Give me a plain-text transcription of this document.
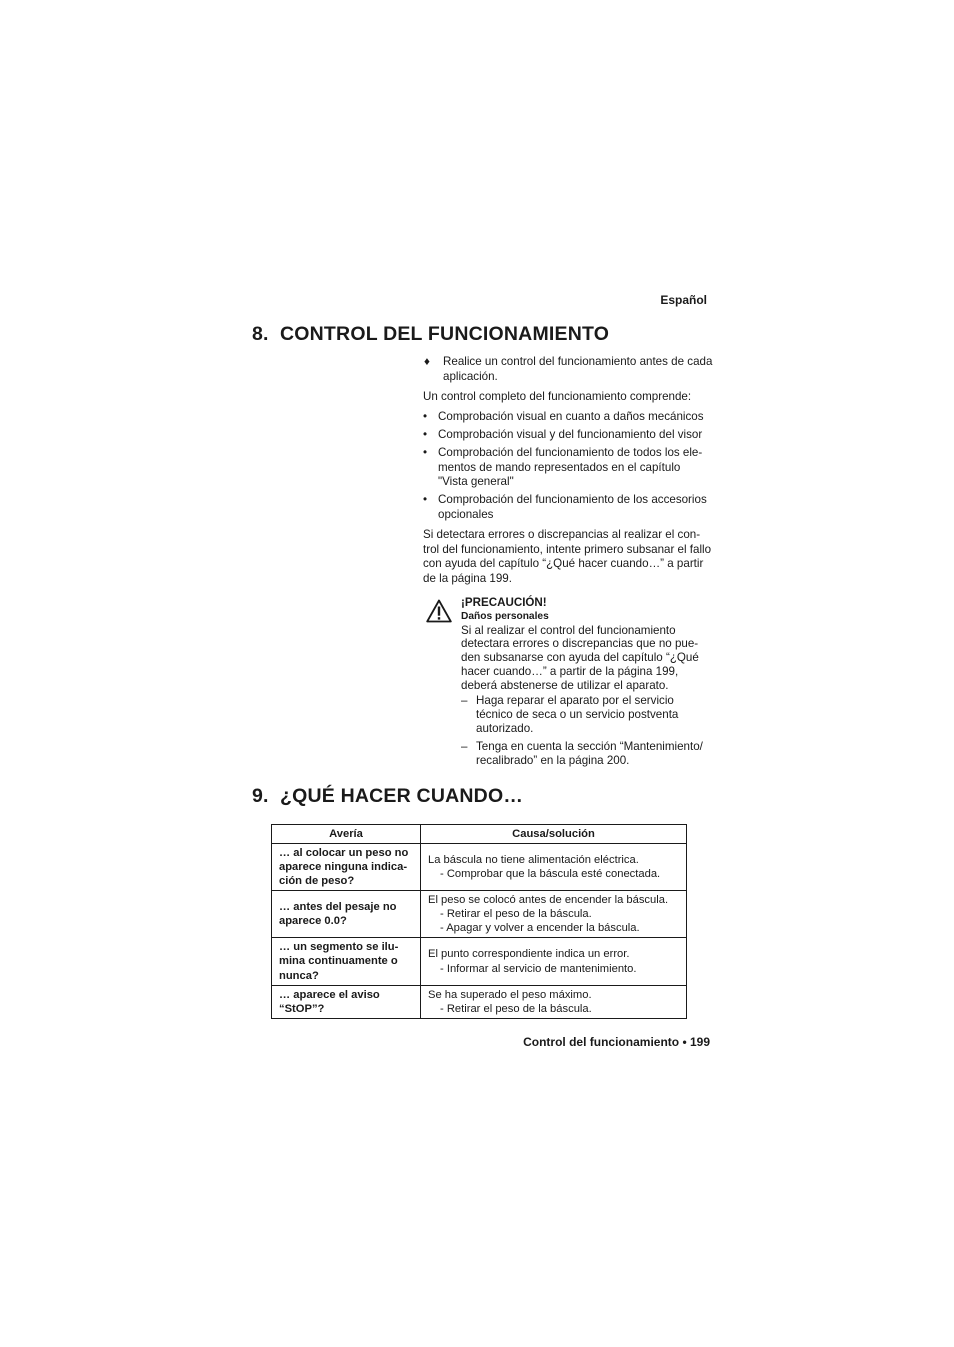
Español
8. CONTROL DEL FUNCIONAMIENTO
♦	Realice un control del funcionamiento antes de cada aplicación.

Un control completo del funcionamiento comprende:

• Comprobación visual en cuanto a daños mecánicos
• Comprobación visual y del funcionamiento del visor
• Comprobación del funcionamiento de todos los ele-mentos de mando representados en el capítulo "Vista general"
• Comprobación del funcionamiento de los accesorios opcionales

Si detectara errores o discrepancias al realizar el con-trol del funcionamiento, intente primero subsanar el fallo con ayuda del capítulo “¿Qué hacer cuando…” a partir de la página 199.

¡PRECAUCIÓN!
Daños personales
Si al realizar el control del funcionamiento detectara errores o discrepancias que no pue-den subsanarse con ayuda del capítulo “¿Qué hacer cuando…” a partir de la página 199, deberá abstenerse de utilizar el aparato.
– Haga reparar el aparato por el servicio técnico de seca o un servicio postventa autorizado.
– Tenga en cuenta la sección “Mantenimiento/ recalibrado” en la página 200.
9. ¿QUÉ HACER CUANDO…
Avería	Causa/solución
… al colocar un peso no aparece ninguna indica-ción de peso?	La báscula no tiene alimentación eléctrica.
- Comprobar que la báscula esté conectada.

… antes del pesaje no aparece 0.0?	El peso se colocó antes de encender la báscula.
- Retirar el peso de la báscula.
- Apagar y volver a encender la báscula.

… un segmento se ilu-mina continuamente o nunca?	El punto correspondiente indica un error.
- Informar al servicio de mantenimiento.

… aparece el aviso “StOP”?	Se ha superado el peso máximo.
- Retirar el peso de la báscula.
Control del funcionamiento • 199
